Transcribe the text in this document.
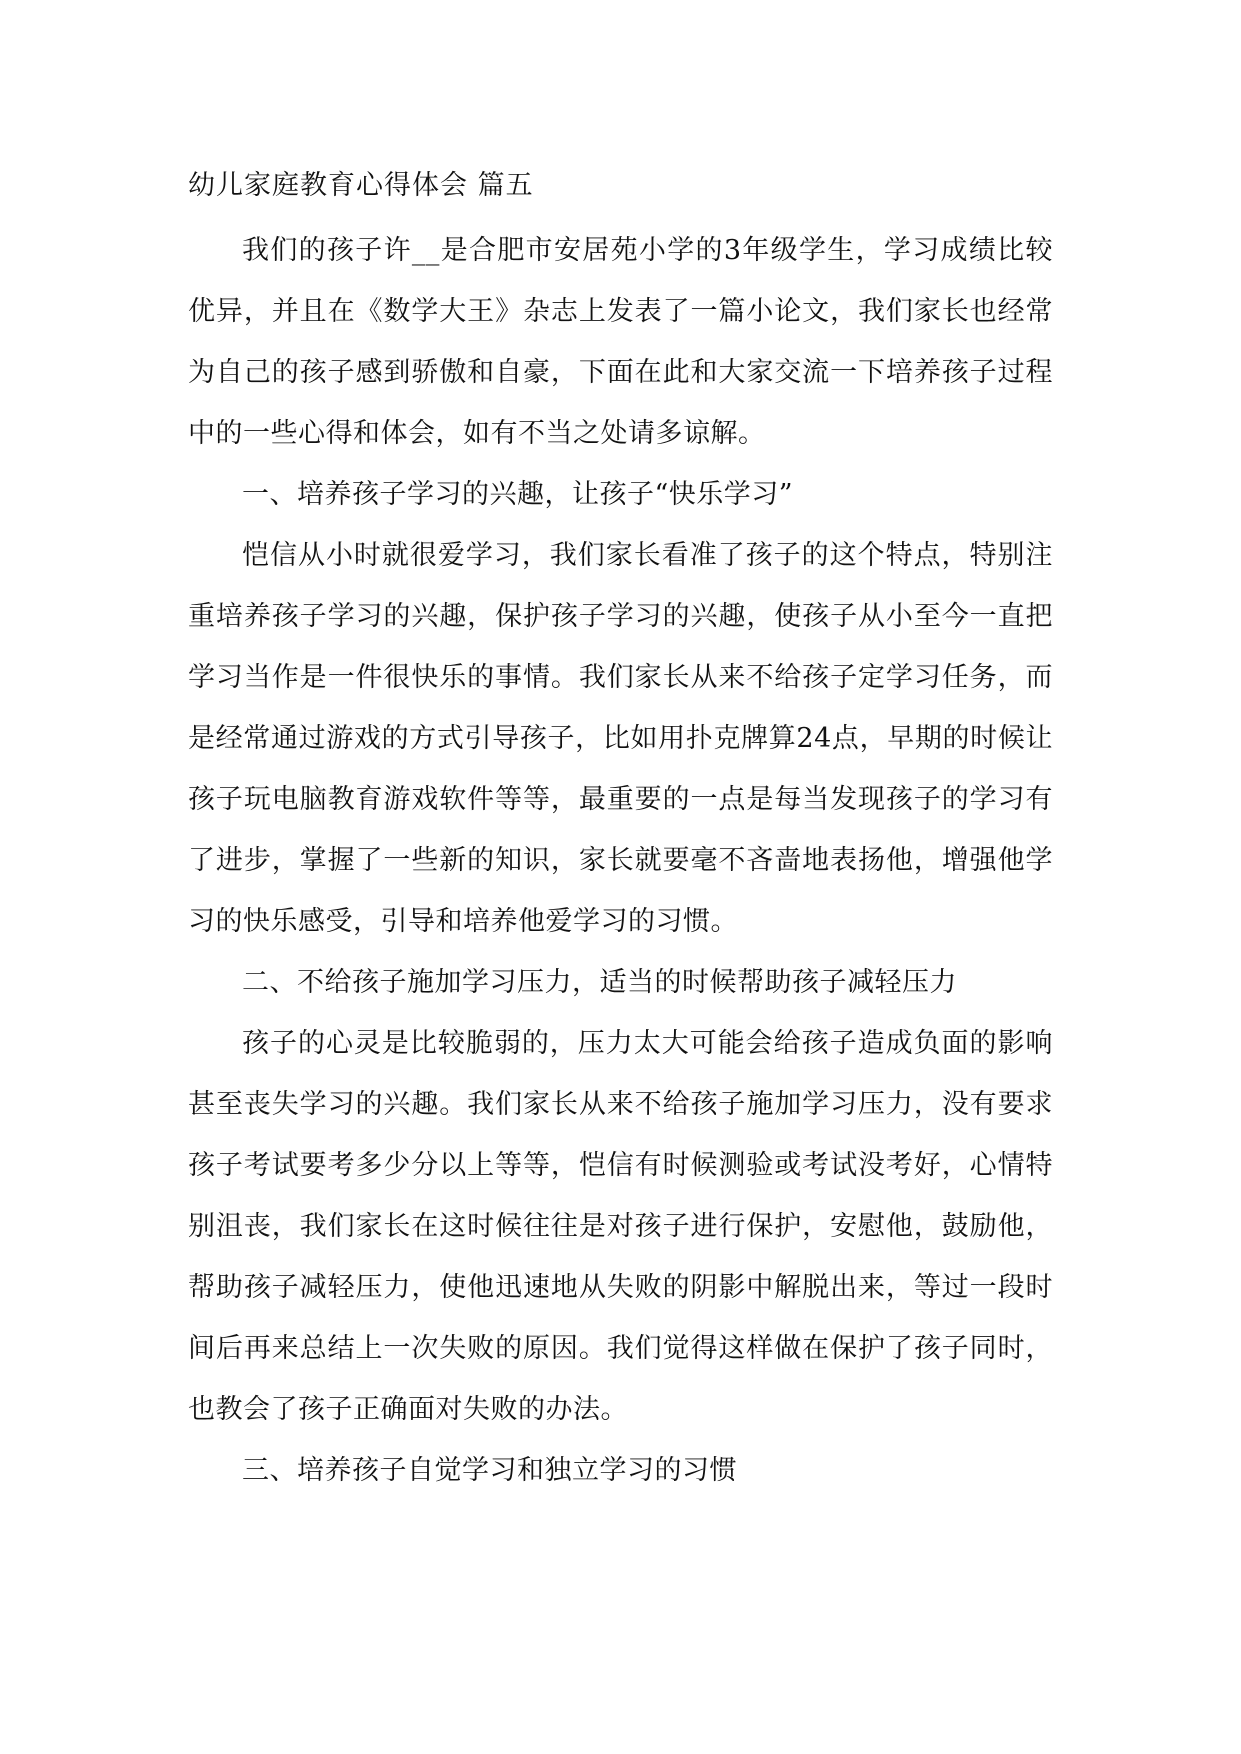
幼儿家庭教育心得体会 篇五

我们的孩子许__是合肥市安居苑小学的3年级学生，学习成绩比较优异，并且在《数学大王》杂志上发表了一篇小论文，我们家长也经常为自己的孩子感到骄傲和自豪，下面在此和大家交流一下培养孩子过程中的一些心得和体会，如有不当之处请多谅解。

一、培养孩子学习的兴趣，让孩子“快乐学习”

恺信从小时就很爱学习，我们家长看准了孩子的这个特点，特别注重培养孩子学习的兴趣，保护孩子学习的兴趣，使孩子从小至今一直把学习当作是一件很快乐的事情。我们家长从来不给孩子定学习任务，而是经常通过游戏的方式引导孩子，比如用扑克牌算24点，早期的时候让孩子玩电脑教育游戏软件等等，最重要的一点是每当发现孩子的学习有了进步，掌握了一些新的知识，家长就要毫不吝啬地表扬他，增强他学习的快乐感受，引导和培养他爱学习的习惯。

二、不给孩子施加学习压力，适当的时候帮助孩子减轻压力

孩子的心灵是比较脆弱的，压力太大可能会给孩子造成负面的影响甚至丧失学习的兴趣。我们家长从来不给孩子施加学习压力，没有要求孩子考试要考多少分以上等等，恺信有时候测验或考试没考好，心情特别沮丧，我们家长在这时候往往是对孩子进行保护，安慰他，鼓励他，帮助孩子减轻压力，使他迅速地从失败的阴影中解脱出来，等过一段时间后再来总结上一次失败的原因。我们觉得这样做在保护了孩子同时，也教会了孩子正确面对失败的办法。

三、培养孩子自觉学习和独立学习的习惯
